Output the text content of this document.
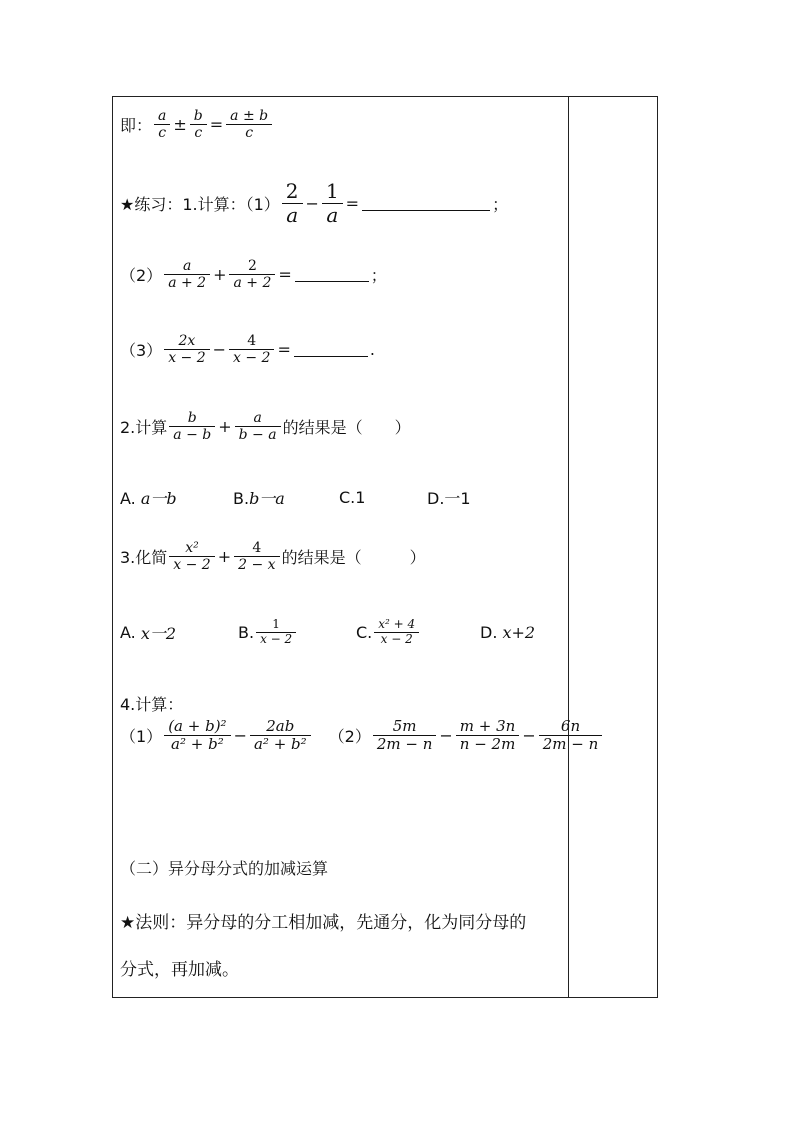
即： $\frac{a}{c} \pm \frac{b}{c} = \frac{a \pm b}{c}$
★练习：1.计算：$(1) \frac{2}{a} - \frac{1}{a}$ =	；
$(2) \frac{a}{a + 2} + \frac{2}{a + 2}$ =	；
$(3) \frac{2x}{x - 2} - \frac{4}{x - 2}$ =	.
2.计算 $\frac{b}{a - b} + \frac{a}{b - a}$ 的结果是（　　）
A. a一b	B.b一a	C.1	D.一1
3.化简 $\frac{\text{x²}}{x - 2} + \frac{4}{2 - x}$ 的结果是（　　　）
A.
x一2	B. $\frac{1}{x - 2}$	C. $\frac{\text{x² + 4}}{x - 2}$	D.
x+2
4.计算：
$(1) \frac{\text{(a + b)²}}{\text{a² + b²}} - \frac{2ab}{\text{a² + b²}} (2) \frac{5m}{2m - n} - \frac{m + 3n}{n - 2m} - \frac{6n}{2m - n}$
（二）异分母分式的加减运算
★法则：异分母的分工相加减，先通分，化为同分母的
分式，再加减。
